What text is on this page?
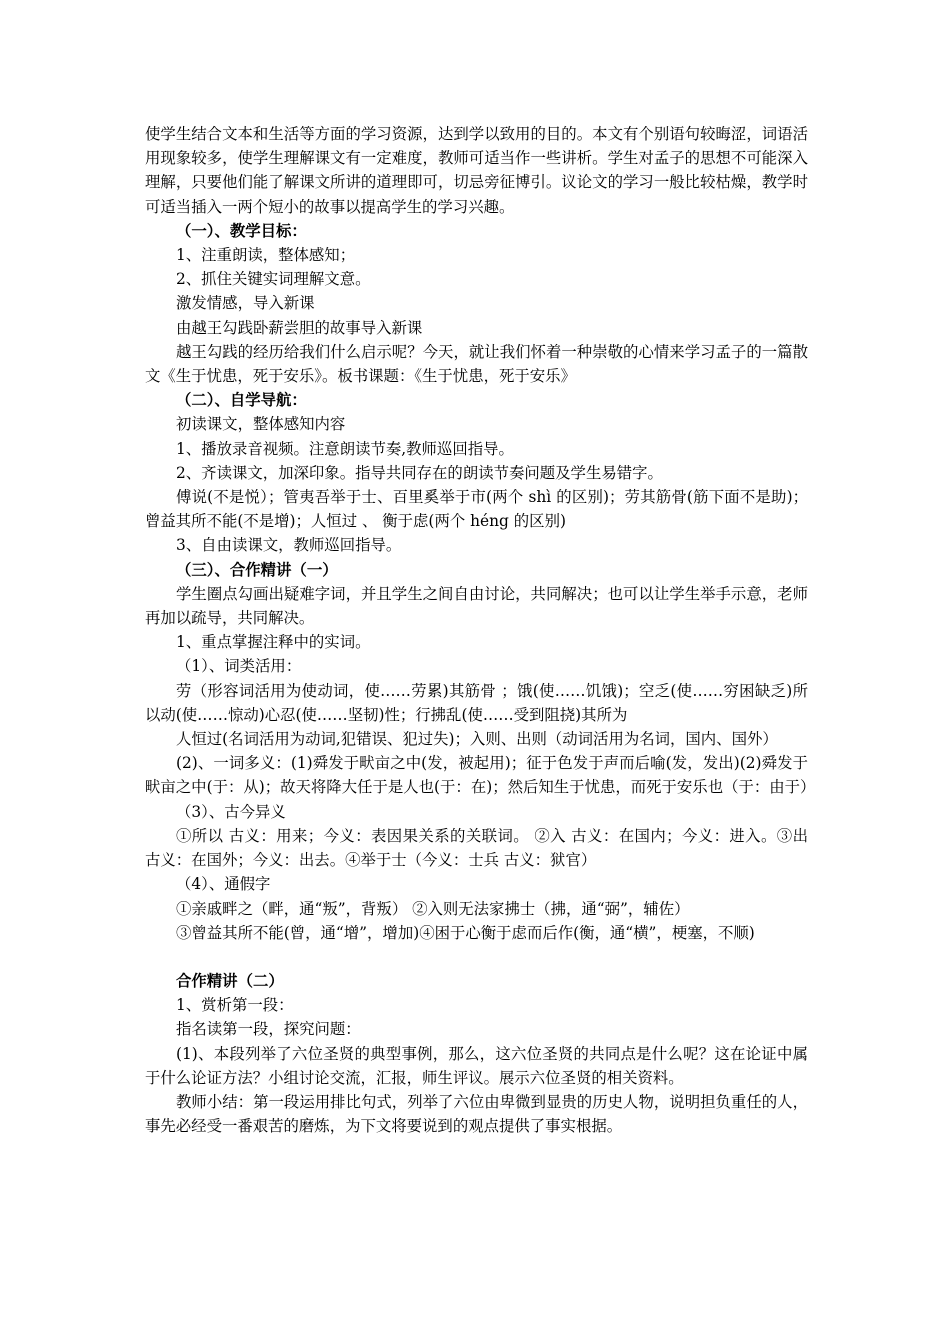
使学生结合文本和生活等方面的学习资源，达到学以致用的目的。本文有个别语句较晦涩，词语活用现象较多，使学生理解课文有一定难度，教师可适当作一些讲析。学生对孟子的思想不可能深入理解，只要他们能了解课文所讲的道理即可，切忌旁征博引。议论文的学习一般比较枯燥，教学时可适当插入一两个短小的故事以提高学生的学习兴趣。

（一）、教学目标：

1、注重朗读，整体感知；

2、抓住关键实词理解文意。

激发情感，导入新课

由越王勾践卧薪尝胆的故事导入新课

越王勾践的经历给我们什么启示呢？今天，就让我们怀着一种崇敬的心情来学习孟子的一篇散文《生于忧患，死于安乐》。板书课题：《生于忧患，死于安乐》

（二）、自学导航：

初读课文，整体感知内容

1、播放录音视频。注意朗读节奏,教师巡回指导。

2、齐读课文，加深印象。指导共同存在的朗读节奏问题及学生易错字。

傅说(不是悦）；管夷吾举于士、百里奚举于市(两个 shì 的区别)；劳其筋骨(筋下面不是助)；曾益其所不能(不是增)；人恒过 、 衡于虑(两个 héng 的区别)

3、自由读课文，教师巡回指导。

（三）、合作精讲（一）

学生圈点勾画出疑难字词，并且学生之间自由讨论，共同解决；也可以让学生举手示意，老师再加以疏导，共同解决。

1、重点掌握注释中的实词。

（1）、词类活用：

劳（形容词活用为使动词，使……劳累)其筋骨 ；饿(使……饥饿)；空乏(使……穷困缺乏)所以动(使……惊动)心忍(使……坚韧)性；行拂乱(使……受到阻挠)其所为

人恒过(名词活用为动词,犯错误、犯过失)；入则、出则（动词活用为名词，国内、国外）

(2)、一词多义：(1)舜发于畎亩之中(发，被起用)；征于色发于声而后喻(发，发出)(2)舜发于畎亩之中(于：从)；故天将降大任于是人也(于：在)；然后知生于忧患，而死于安乐也（于：由于）

（3）、古今异义

①所以 古义：用来；今义：表因果关系的关联词。 ②入 古义：在国内；今义：进入。③出 古义：在国外；今义：出去。④举于士（今义：士兵 古义：狱官）

（4）、通假字

①亲戚畔之（畔，通“叛”，背叛） ②入则无法家拂士（拂，通“弼”，辅佐）

③曾益其所不能(曾，通“增”，增加)④困于心衡于虑而后作(衡，通“横”，梗塞，不顺)

合作精讲（二）

1、赏析第一段：

指名读第一段，探究问题：

(1)、本段列举了六位圣贤的典型事例，那么，这六位圣贤的共同点是什么呢？这在论证中属于什么论证方法？小组讨论交流，汇报，师生评议。展示六位圣贤的相关资料。

教师小结：第一段运用排比句式，列举了六位由卑微到显贵的历史人物，说明担负重任的人，事先必经受一番艰苦的磨炼，为下文将要说到的观点提供了事实根据。
